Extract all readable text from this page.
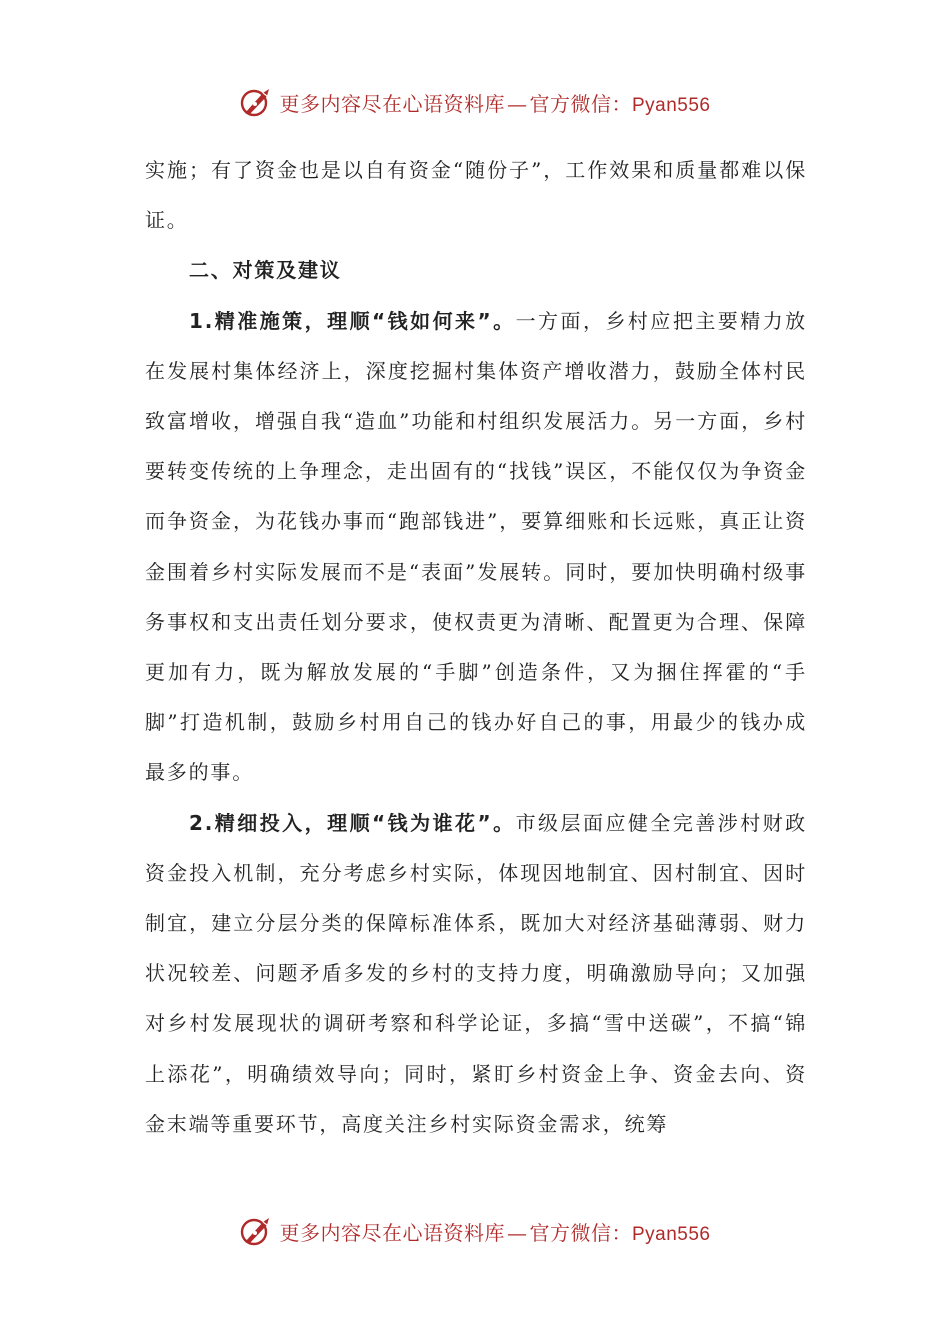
更多内容尽在心语资料库 — 官方微信：Pyan556

实施；有了资金也是以自有资金“随份子”，工作效果和质量都难以保证。

二、对策及建议

1.精准施策，理顺“钱如何来”。一方面，乡村应把主要精力放在发展村集体经济上，深度挖掘村集体资产增收潜力，鼓励全体村民致富增收，增强自我“造血”功能和村组织发展活力。另一方面，乡村要转变传统的上争理念，走出固有的“找钱”误区，不能仅仅为争资金而争资金，为花钱办事而“跑部钱进”，要算细账和长远账，真正让资金围着乡村实际发展而不是“表面”发展转。同时，要加快明确村级事务事权和支出责任划分要求，使权责更为清晰、配置更为合理、保障更加有力，既为解放发展的“手脚”创造条件，又为捆住挥霍的“手脚”打造机制，鼓励乡村用自己的钱办好自己的事，用最少的钱办成最多的事。

2.精细投入，理顺“钱为谁花”。市级层面应健全完善涉村财政资金投入机制，充分考虑乡村实际，体现因地制宜、因村制宜、因时制宜，建立分层分类的保障标准体系，既加大对经济基础薄弱、财力状况较差、问题矛盾多发的乡村的支持力度，明确激励导向；又加强对乡村发展现状的调研考察和科学论证，多搞“雪中送碳”，不搞“锦上添花”，明确绩效导向；同时，紧盯乡村资金上争、资金去向、资金末端等重要环节，高度关注乡村实际资金需求，统筹

更多内容尽在心语资料库 — 官方微信：Pyan556
